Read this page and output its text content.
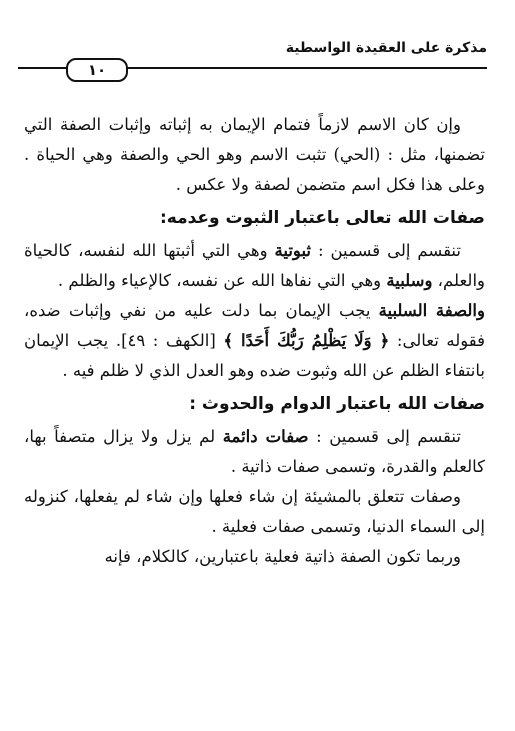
مذكرة على العقيدة الواسطية
١٠

وإن كان الاسم لازماً فتمام الإيمان به إثباته وإثبات الصفة التي تضمنها، مثل : (الحي) تثبت الاسم وهو الحي والصفة وهي الحياة . وعلى هذا فكل اسم متضمن لصفة ولا عكس .

صفات الله تعالى باعتبار الثبوت وعدمه:

تنقسم إلى قسمين : ثبوتية وهي التي أثبتها الله لنفسه، كالحياة والعلم، وسلبية وهي التي نفاها الله عن نفسه، كالإعياء والظلم .

والصفة السلبية يجب الإيمان بما دلت عليه من نفي وإثبات ضده، فقوله تعالى: ﴿ وَلَا يَظْلِمُ رَبُّكَ أَحَدًا ﴾ [الكهف : ٤٩]. يجب الإيمان بانتفاء الظلم عن الله وثبوت ضده وهو العدل الذي لا ظلم فيه .

صفات الله باعتبار الدوام والحدوث :

تنقسم إلى قسمين : صفات دائمة لم يزل ولا يزال متصفاً بها، كالعلم والقدرة، وتسمى صفات ذاتية .

وصفات تتعلق بالمشيئة إن شاء فعلها وإن شاء لم يفعلها، كنزوله إلى السماء الدنيا، وتسمى صفات فعلية .

وربما تكون الصفة ذاتية فعلية باعتبارين، كالكلام، فإنه
